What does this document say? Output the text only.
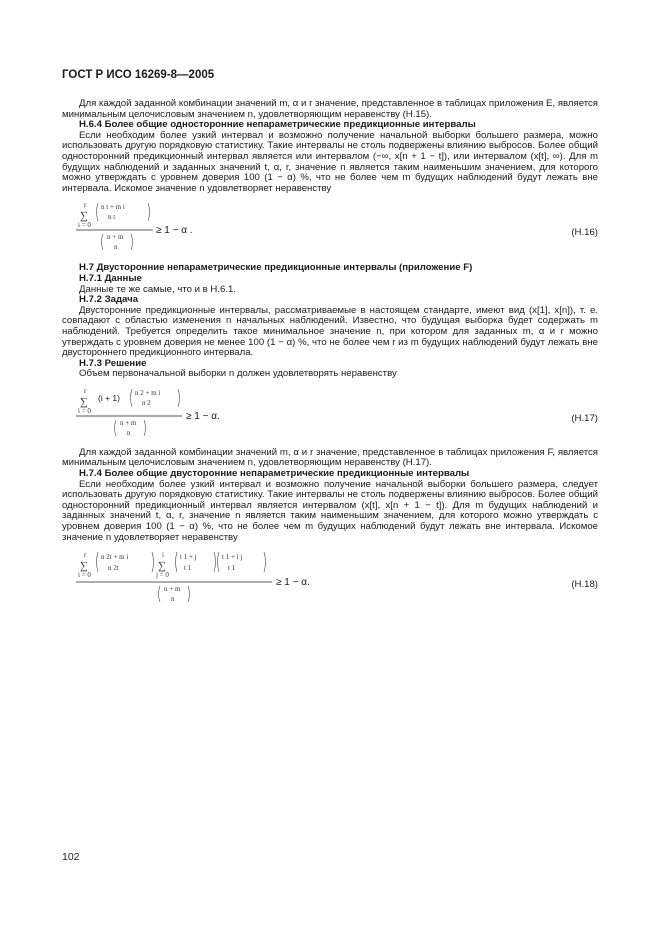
ГОСТ Р ИСО 16269-8—2005

Для каждой заданной комбинации значений m, α и r значение, представленное в таблицах приложения Е, является минимальным целочисловым значением n, удовлетворяющим неравенству (Н.15).

Н.6.4 Более общие односторонние непараметрические предикционные интервалы

Если необходим более узкий интервал и возможно получение начальной выборки большего размера, можно использовать другую порядковую статистику. Такие интервалы не столь подвержены влиянию выбросов. Более общий односторонний предикционный интервал является или интервалом (−∞, x[n + 1 − t]), или интервалом (x[t], ∞). Для m будущих наблюдений и заданных значений t, α, r, значение n является таким наименьшим значением, для которого можно утверждать с уровнем доверия 100 (1 − α) %, что не более чем m будущих наблюдений будут лежать вне интервала. Искомое значение n удовлетворяет неравенству

r
∑
i = 0
n t + m i
n t
n + m
n
≥ 1 − α .	(Н.16)

Н.7 Двусторонние непараметрические предикционные интервалы (приложение F)

Н.7.1 Данные

Данные те же самые, что и в Н.6.1.

Н.7.2 Задача

Двусторонние предикционные интервалы, рассматриваемые в настоящем стандарте, имеют вид (x[1], x[n]), т. е. совпадают с областью изменения n начальных наблюдений. Известно, что будущая выборка будет содержать m наблюдений. Требуется определить такое минимальное значение n, при котором для заданных m, α и r можно утверждать с уровнем доверия не менее 100 (1 − α) %, что не более чем r из m будущих наблюдений будут лежать вне двустороннего предикционного интервала.

Н.7.3 Решение

Объем первоначальной выборки n должен удовлетворять неравенству

r
∑
i = 0
(i + 1) n 2 + m i
n 2
n + m
n
≥ 1 − α.	(Н.17)

Для каждой заданной комбинации значений m, α и r значение, представленное в таблицах приложения F, является минимальным целочисловым значением n, удовлетворяющим неравенству (Н.17).

Н.7.4 Более общие двусторонние непараметрические предикционные интервалы

Если необходим более узкий интервал и возможно получение начальной выборки большего размера, следует использовать другую порядковую статистику. Такие интервалы не столь подвержены влиянию выбросов. Более общий односторонний предикционный интервал является интервалом (x[t], x[n + 1 − t]). Для m будущих наблюдений и заданных значений t, α, r, значение n является таким наименьшим значением, для которого можно утверждать с уровнем доверия 100 (1 − α) %, что не более чем m будущих наблюдений будут лежать вне интервала. Искомое значение n удовлетворяет неравенству

r
∑
i = 0
n 2t + m i
n 2t
i
∑
j = 0
t 1 + j
t 1
t 1 + i j
t 1
n + m
n
≥ 1 − α.	(Н.18)
102
